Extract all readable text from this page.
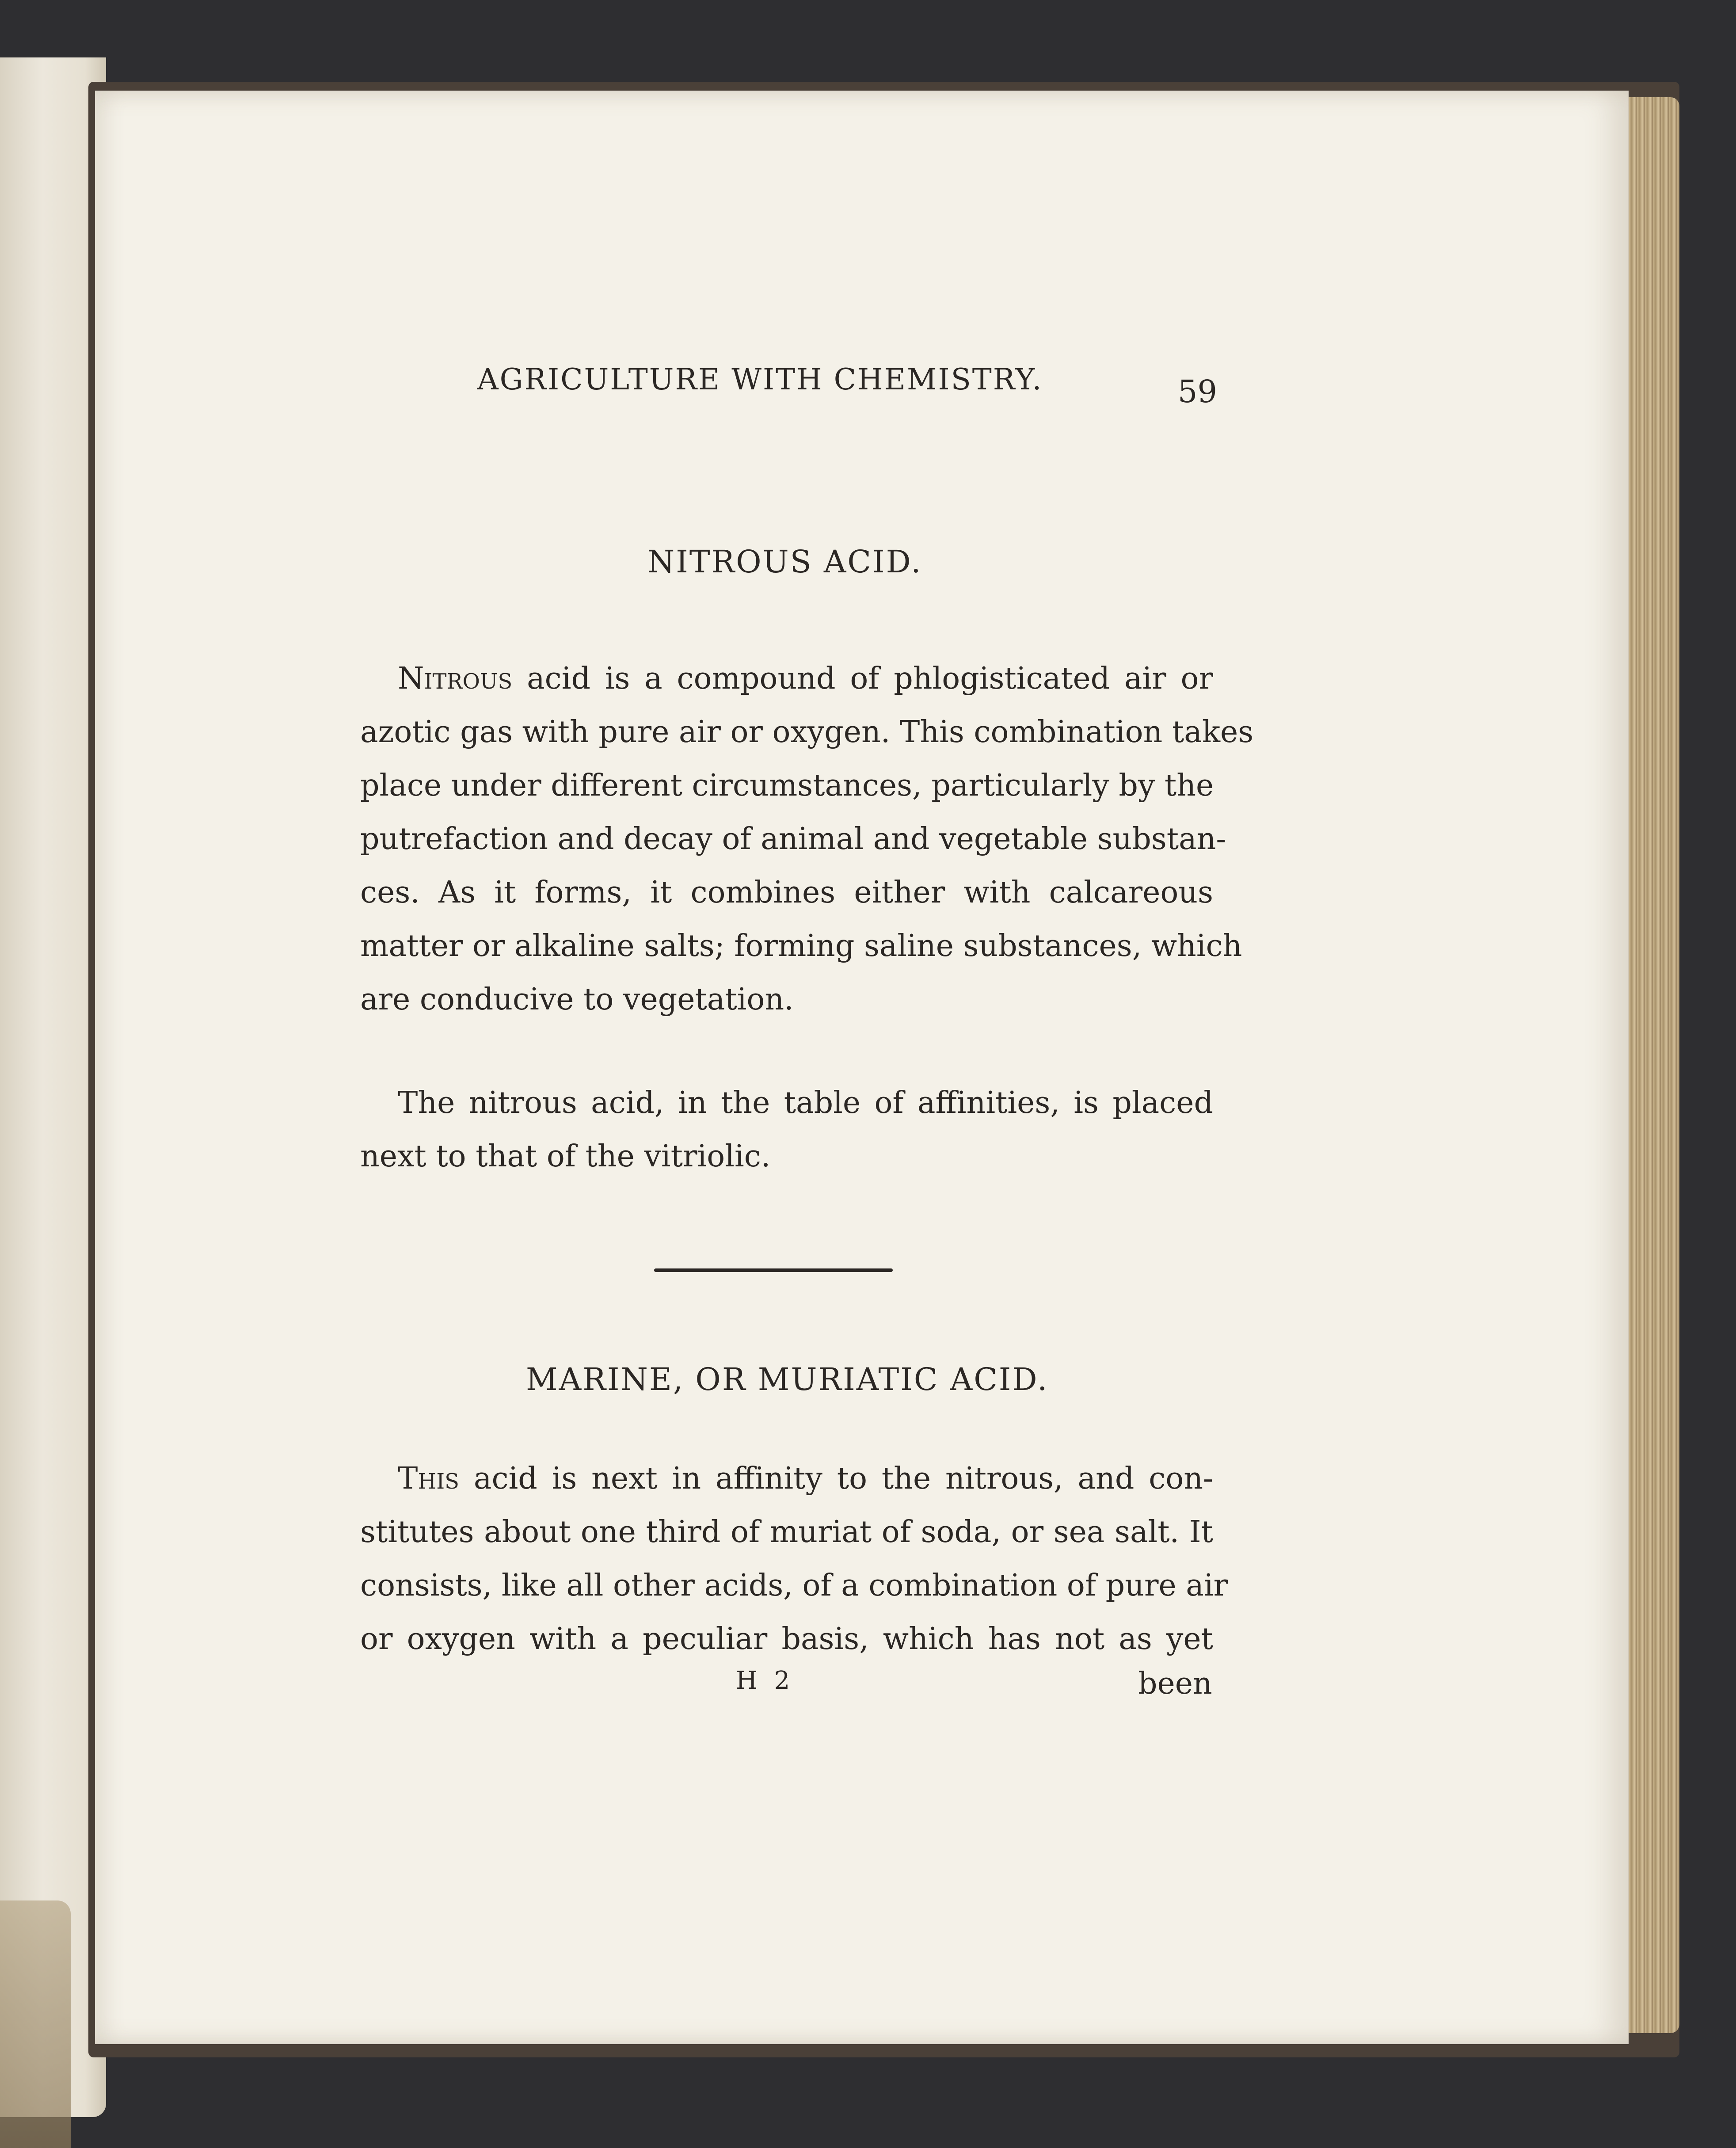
AGRICULTURE WITH CHEMISTRY.	59
NITROUS ACID.
Nitrous acid is a compound of phlogisticated air or
azotic gas with pure air or oxygen. This combination takes
place under different circumstances, particularly by the
putrefaction and decay of animal and vegetable substan-
ces. As it forms, it combines either with calcareous
matter or alkaline salts; forming saline substances, which
are conducive to vegetation.
The nitrous acid, in the table of affinities, is placed
next to that of the vitriolic.
MARINE, OR MURIATIC ACID.
This acid is next in affinity to the nitrous, and con-
stitutes about one third of muriat of soda, or sea salt. It
consists, like all other acids, of a combination of pure air
or oxygen with a peculiar basis, which has not as yet
H 2	been
